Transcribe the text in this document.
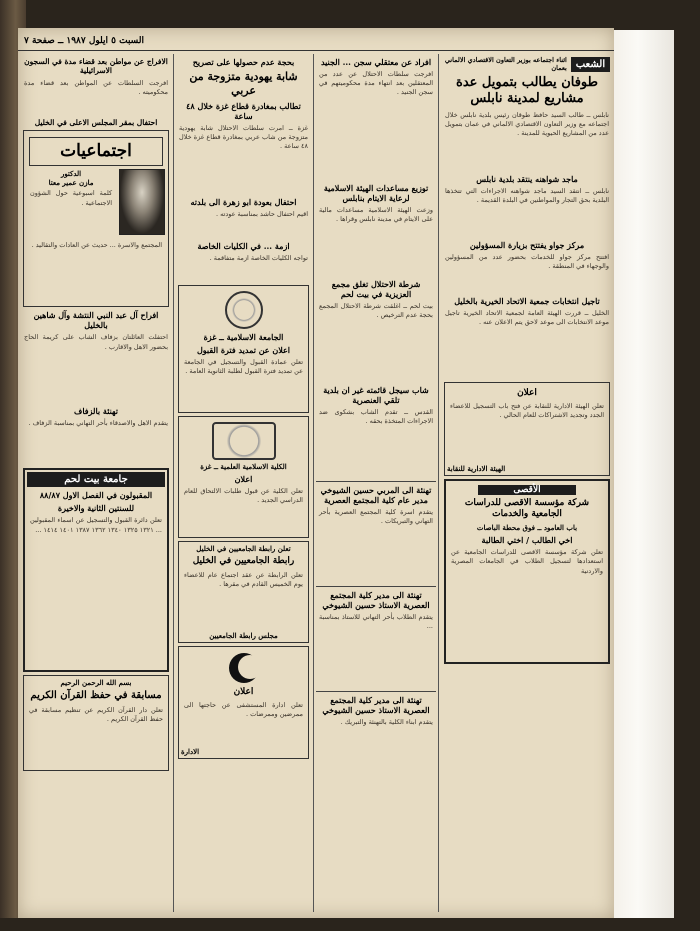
السبت ٥ ايلول ١٩٨٧ ــ صفحة ٧
الشعب
اثناء اجتماعه بوزير التعاون الاقتصادي الالماني بعمان
طوفان يطالب بتمويل عدة مشاريع لمدينة نابلس
نابلس ــ طالب السيد حافظ طوقان رئيس بلدية نابلس خلال اجتماعه مع وزير التعاون الاقتصادي الالماني في عمان بتمويل عدد من المشاريع الحيوية للمدينة .
ماجد شواهنه ينتقد بلدية نابلس
نابلس ــ انتقد السيد ماجد شواهنه الاجراءات التي تتخذها البلدية بحق التجار والمواطنين في البلدة القديمة .
مركز جواو يفتتح بزيارة المسؤولين
افتتح مركز جواو للخدمات بحضور عدد من المسؤولين والوجهاء في المنطقة .
تاجيل انتخابات جمعية الاتحاد الخيرية بالخليل
الخليل ــ قررت الهيئة العامة لجمعية الاتحاد الخيرية تاجيل موعد الانتخابات الى موعد لاحق يتم الاعلان عنه .
اعلان
تعلن الهيئة الادارية للنقابة عن فتح باب التسجيل للاعضاء الجدد وتجديد الاشتراكات للعام الحالي .
الهيئة الادارية للنقابة
الأقصى
شركة مؤسسة الاقصى للدراسات الجامعية والخدمات
باب العامود ــ فوق محطة الباصات
اخي الطالب / اختي الطالبة
تعلن شركة مؤسسة الاقصى للدراسات الجامعية عن استعدادها لتسجيل الطلاب في الجامعات المصرية والاردنية
افراد عن معتقلي سجن ... الجنيد
افرجت سلطات الاحتلال عن عدد من المعتقلين بعد انتهاء مدة محكوميتهم في سجن الجنيد .
توزيع مساعدات الهيئة الاسلامية لرعاية الايتام بنابلس
وزعت الهيئة الاسلامية مساعدات مالية على الايتام في مدينة نابلس وقراها .
شرطة الاحتلال تغلق مجمع العزيزية في بيت لحم
بيت لحم ــ اغلقت شرطة الاحتلال المجمع بحجة عدم الترخيص .
شاب سيجل قائمته غير ان بلدية تلقي العنصرية
القدس ــ تقدم الشاب بشكوى ضد الاجراءات المتخذة بحقه .
تهنئة الى المربي حسين الشيوخي مدير عام كلية المجتمع العصرية
يتقدم اسرة كلية المجتمع العصرية بأحر التهاني والتبريكات .
تهنئة الى مدير كلية المجتمع العصرية الاستاذ حسين الشيوخي
يتقدم الطلاب بأحر التهاني للاستاذ بمناسبة ...
تهنئة الى مدير كلية المجتمع العصرية الاستاذ حسين الشيوخي
يتقدم ابناء الكلية بالتهنئة والتبريك .
بحجة عدم حصولها على تصريح
شابة يهودية متزوجة من عربي
تطالب بمغادرة قطاع غزة خلال ٤٨ ساعة
غزة ــ امرت سلطات الاحتلال شابة يهودية متزوجة من شاب عربي بمغادرة قطاع غزة خلال ٤٨ ساعة .
احتفال بعودة ابو زهرة الى بلدته
اقيم احتفال حاشد بمناسبة عودته .
ازمة ... في الكليات الخاصة
تواجه الكليات الخاصة ازمة متفاقمة .
الجامعة الاسلامية ــ غزة
اعلان عن تمديد فترة القبول
تعلن عمادة القبول والتسجيل في الجامعة عن تمديد فترة القبول لطلبة الثانوية العامة .
الكلية الاسلامية العلمية ــ غزة
اعلان
تعلن الكلية عن قبول طلبات الالتحاق للعام الدراسي الجديد .
تعلن رابطة الجامعيين في الخليل
رابطة الجامعيين في الخليل
تعلن الرابطة عن عقد اجتماع عام للاعضاء يوم الخميس القادم في مقرها .
مجلس رابطة الجامعيين
اعلان
تعلن ادارة المستشفى عن حاجتها الى ممرضين وممرضات .
الادارة
الافراج عن مواطن بعد قضاء مدة في السجون الاسرائيلية
افرجت السلطات عن المواطن بعد قضاء مدة محكوميته .
احتفال بمقر المجلس الاعلى في الخليل
اجتماعيات
الدكتور
مازن عمير معتا
كلمة اسبوعية حول الشؤون الاجتماعية .
المجتمع والاسرة ... حديث عن العادات والتقاليد .
افراح آل عبد النبي النتشة وآل شاهين بالخليل
احتفلت العائلتان بزفاف الشاب على كريمة الحاج بحضور الاهل والاقارب .
تهنئة بالزفاف
يتقدم الاهل والاصدقاء بأحر التهاني بمناسبة الزفاف .
جامعة بيت لحم
المقبولون في الفصل الاول ٨٨/٨٧
للسنتين الثانية والاخيرة
تعلن دائرة القبول والتسجيل عن اسماء المقبولين ... ١٣٢١ ١٣٢٥ ١٣٤٠ ١٣٦٢ ١٣٨٧ ١٤٠١ ١٤١٤ ...
بسم الله الرحمن الرحيم
مسابقة في حفظ القرآن الكريم
تعلن دار القرآن الكريم عن تنظيم مسابقة في حفظ القرآن الكريم .
